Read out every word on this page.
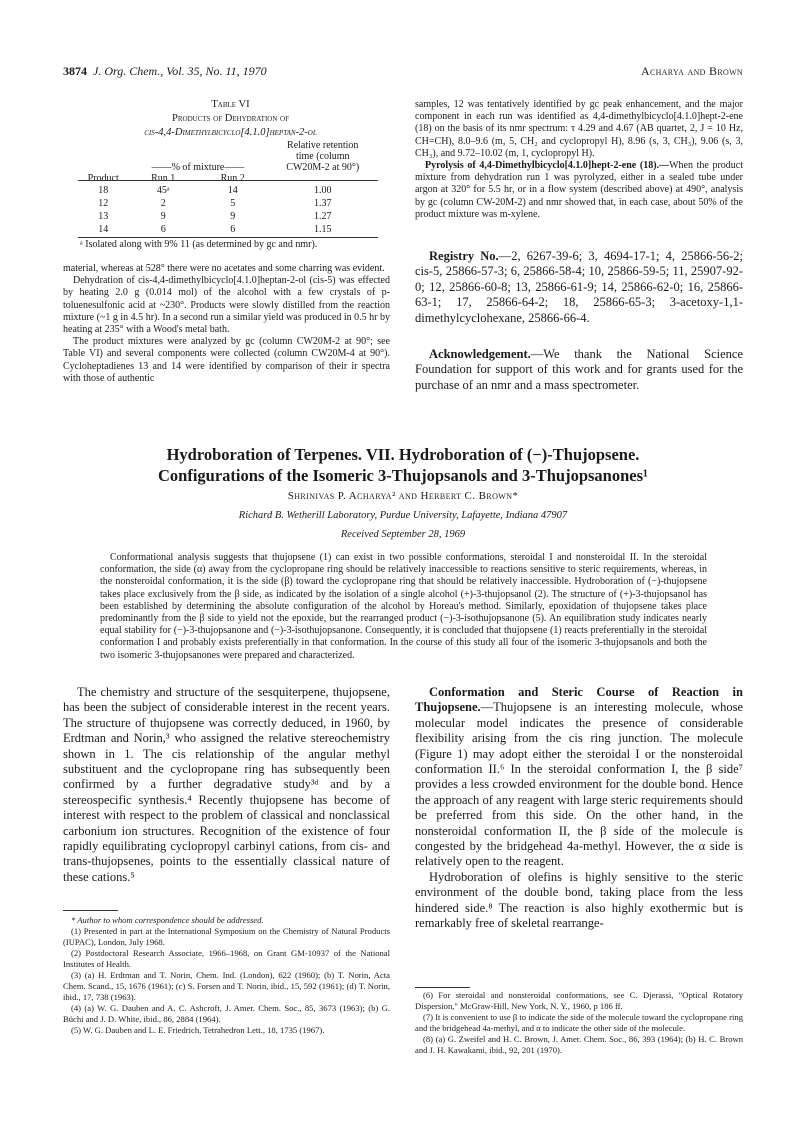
3874 J. Org. Chem., Vol. 35, No. 11, 1970	Acharya and Brown
Table VI
Products of Dehydration of
cis-4,4-Dimethylbicyclo[4.1.0]heptan-2-ol
Product	——% of mixture——		Relative retention
time (column
CW20M-2 at 90°)
	Run 1	Run 2	
18	45ᵃ	14	1.00
12	2	5	1.37
13	9	9	1.27
14	6	6	1.15
ᵃ Isolated along with 9% 11 (as determined by gc and nmr).
material, whereas at 528° there were no acetates and some charring was evident.
Dehydration of cis-4,4-dimethylbicyclo[4.1.0]heptan-2-ol (cis-5) was effected by heating 2.0 g (0.014 mol) of the alcohol with a few crystals of p-toluenesulfonic acid at ~230°. Products were slowly distilled from the reaction mixture (~1 g in 4.5 hr). In a second run a similar yield was produced in 0.5 hr by heating at 235° with a Wood's metal bath.
The product mixtures were analyzed by gc (column CW20M-2 at 90°; see Table VI) and several components were collected (column CW20M-4 at 90°). Cycloheptadienes 13 and 14 were identified by comparison of their ir spectra with those of authentic
samples, 12 was tentatively identified by gc peak enhancement, and the major component in each run was identified as 4,4-dimethylbicyclo[4.1.0]hept-2-ene (18) on the basis of its nmr spectrum: τ 4.29 and 4.67 (AB quartet, 2, J = 10 Hz, CH=CH), 8.0–9.6 (m, 5, CH₂ and cyclopropyl H), 8.96 (s, 3, CH₃), 9.06 (s, 3, CH₃), and 9.72–10.02 (m, 1, cyclopropyl H).
Pyrolysis of 4,4-Dimethylbicyclo[4.1.0]hept-2-ene (18).—When the product mixture from dehydration run 1 was pyrolyzed, either in a sealed tube under argon at 320° for 5.5 hr, or in a flow system (described above) at 490°, analysis by gc (column CW-20M-2) and nmr showed that, in each case, about 50% of the product mixture was m-xylene.
Registry No.—2, 6267-39-6; 3, 4694-17-1; 4, 25866-56-2; cis-5, 25866-57-3; 6, 25866-58-4; 10, 25866-59-5; 11, 25907-92-0; 12, 25866-60-8; 13, 25866-61-9; 14, 25866-62-0; 16, 25866-63-1; 17, 25866-64-2; 18, 25866-65-3; 3-acetoxy-1,1-dimethylcyclohexane, 25866-66-4.
Acknowledgement.—We thank the National Science Foundation for support of this work and for grants used for the purchase of an nmr and a mass spectrometer.
Hydroboration of Terpenes. VII. Hydroboration of (−)-Thujopsene.
Configurations of the Isomeric 3-Thujopsanols and 3-Thujopsanones¹
Shrinivas P. Acharya² and Herbert C. Brown*
Richard B. Wetherill Laboratory, Purdue University, Lafayette, Indiana 47907
Received September 28, 1969
Conformational analysis suggests that thujopsene (1) can exist in two possible conformations, steroidal I and nonsteroidal II. In the steroidal conformation, the side (α) away from the cyclopropane ring should be relatively inaccessible to reactions sensitive to steric requirements, whereas, in the nonsteroidal conformation, it is the side (β) toward the cyclopropane ring that should be relatively inaccessible. Hydroboration of (−)-thujopsene takes place exclusively from the β side, as indicated by the isolation of a single alcohol (+)-3-thujopsanol (2). The structure of (+)-3-thujopsanol has been established by determining the absolute configuration of the alcohol by Horeau's method. Similarly, epoxidation of thujopsene takes place predominantly from the β side to yield not the epoxide, but the rearranged product (−)-3-isothujopsanone (5). An equilibration study indicates nearly equal stability for (−)-3-thujopsanone and (−)-3-isothujopsanone. Consequently, it is concluded that thujopsene (1) reacts preferentially in the steroidal conformation I and probably exists preferentially in that conformation. In the course of this study all four of the isomeric 3-thujopsanols and both the two isomeric 3-thujopsanones were prepared and characterized.

The chemistry and structure of the sesquiterpene, thujopsene, has been the subject of considerable interest in the recent years. The structure of thujopsene was correctly deduced, in 1960, by Erdtman and Norin,³ who assigned the relative stereochemistry shown in 1. The cis relationship of the angular methyl substituent and the cyclopropane ring has subsequently been confirmed by a further degradative study³ᵈ and by a stereospecific synthesis.⁴ Recently thujopsene has become of interest with respect to the problem of classical and nonclassical carbonium ion structures. Recognition of the existence of four rapidly equilibrating cyclopropyl carbinyl cations, from cis- and trans-thujopsenes, points to the essentially classical nature of these cations.⁵

Conformation and Steric Course of Reaction in Thujopsene.—Thujopsene is an interesting molecule, whose molecular model indicates the presence of considerable flexibility arising from the cis ring junction. The molecule (Figure 1) may adopt either the steroidal I or the nonsteroidal conformation II.⁶ In the steroidal conformation I, the β side⁷ provides a less crowded environment for the double bond. Hence the approach of any reagent with large steric requirements should be preferred from this side. On the other hand, in the nonsteroidal conformation II, the β side of the molecule is congested by the bridgehead 4a-methyl. However, the α side is relatively open to the reagent.

Hydroboration of olefins is highly sensitive to the steric environment of the double bond, taking place from the less hindered side.⁸ The reaction is also highly exothermic but is remarkably free of skeletal rearrange-

* Author to whom correspondence should be addressed.

(1) Presented in part at the International Symposium on the Chemistry of Natural Products (IUPAC), London, July 1968.

(2) Postdoctoral Research Associate, 1966–1968, on Grant GM-10937 of the National Institutes of Health.

(3) (a) H. Erdtman and T. Norin, Chem. Ind. (London), 622 (1960); (b) T. Norin, Acta Chem. Scand., 15, 1676 (1961); (c) S. Forsen and T. Norin, ibid., 15, 592 (1961); (d) T. Norin, ibid., 17, 738 (1963).

(4) (a) W. G. Dauben and A. C. Ashcroft, J. Amer. Chem. Soc., 85, 3673 (1963); (b) G. Büchi and J. D. White, ibid., 86, 2884 (1964).

(5) W. G. Dauben and L. E. Friedrich, Tetrahedron Lett., 18, 1735 (1967).

(6) For steroidal and nonsteroidal conformations, see C. Djerassi, "Optical Rotatory Dispersion," McGraw-Hill, New York, N. Y., 1960, p 186 ff.

(7) It is convenient to use β to indicate the side of the molecule toward the cyclopropane ring and the bridgehead 4a-methyl, and α to indicate the other side of the molecule.

(8) (a) G. Zweifel and H. C. Brown, J. Amer. Chem. Soc., 86, 393 (1964); (b) H. C. Brown and J. H. Kawakami, ibid., 92, 201 (1970).
